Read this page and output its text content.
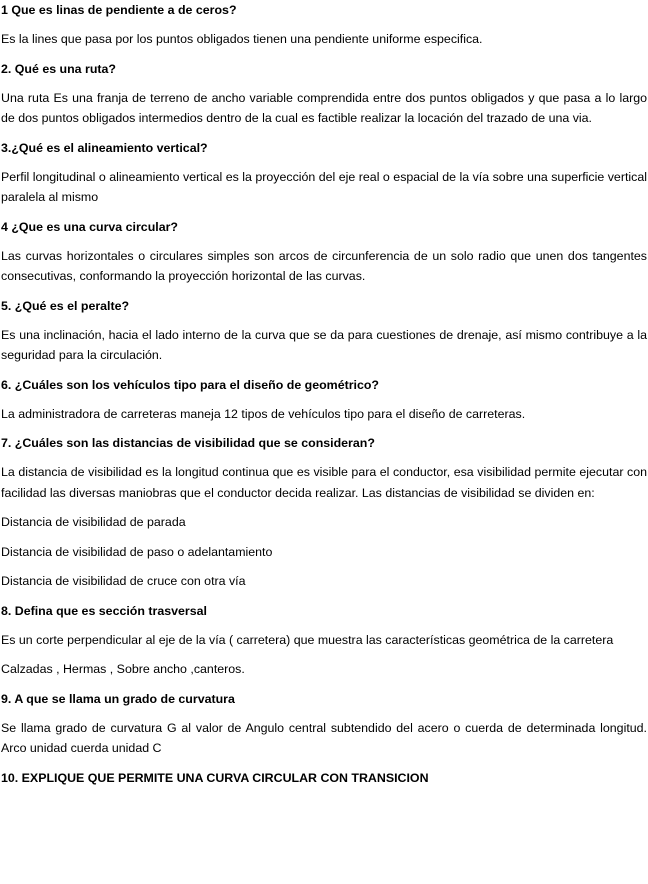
1 Que es linas de pendiente a de ceros?
Es la lines que pasa por los puntos obligados tienen una pendiente uniforme especifica.
2. Qué es una ruta?
Una ruta Es una franja de terreno de ancho variable comprendida entre dos puntos obligados y que pasa a lo largo de dos puntos obligados intermedios dentro de la cual es factible realizar la locación del trazado de una via.
3.¿Qué es el alineamiento vertical?
Perfil longitudinal o alineamiento vertical es la proyección del eje real o espacial de la vía sobre una superficie vertical paralela al mismo
4 ¿Que es una curva circular?
Las curvas horizontales o circulares simples son arcos de circunferencia de un solo radio que unen dos tangentes consecutivas, conformando la proyección horizontal de las curvas.
5. ¿Qué es el peralte?
Es una inclinación, hacia el lado interno de la curva que se da para cuestiones de drenaje, así mismo contribuye a la seguridad para la circulación.
6. ¿Cuáles son los vehículos tipo para el diseño de geométrico?
La administradora de carreteras maneja 12 tipos de vehículos tipo para el diseño de carreteras.
7. ¿Cuáles son las distancias de visibilidad que se consideran?
La distancia de visibilidad es la longitud continua que es visible para el conductor, esa visibilidad permite ejecutar con facilidad las diversas maniobras que el conductor decida realizar. Las distancias de visibilidad se dividen en:
Distancia de visibilidad de parada
Distancia de visibilidad de paso o adelantamiento
Distancia de visibilidad de cruce con otra vía
8. Defina que es sección trasversal
Es un corte perpendicular al eje de la vía ( carretera) que muestra las características geométrica de la carretera
Calzadas , Hermas , Sobre ancho ,canteros.
9. A que se llama un grado de curvatura
Se llama grado de curvatura G al valor de Angulo central subtendido del acero o cuerda de determinada longitud. Arco unidad cuerda unidad C
10. EXPLIQUE QUE PERMITE UNA CURVA CIRCULAR CON TRANSICION
